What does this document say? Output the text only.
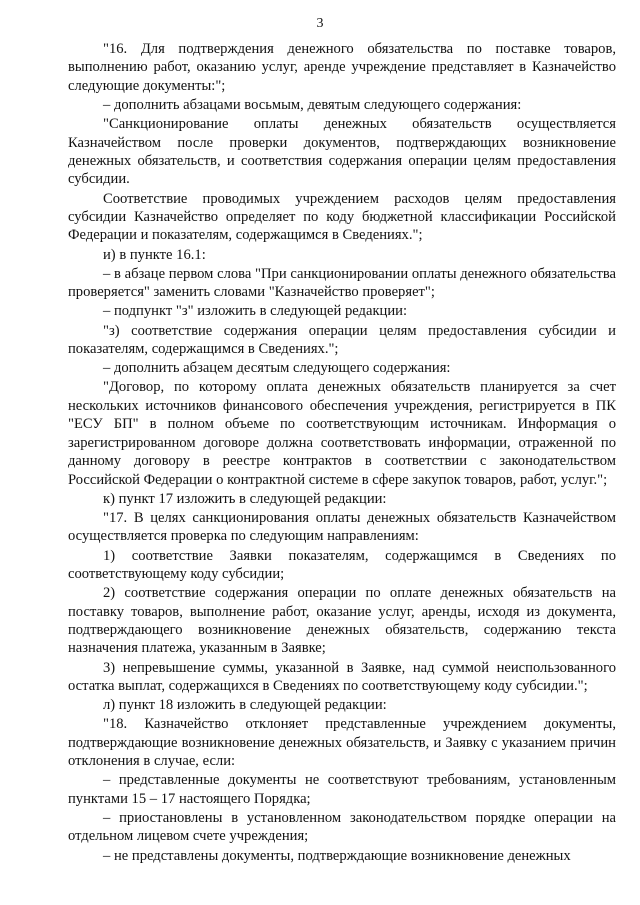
3

"16. Для подтверждения денежного обязательства по поставке товаров, выполнению работ, оказанию услуг, аренде учреждение представляет в Казначейство следующие документы:";

– дополнить абзацами восьмым, девятым следующего содержания:

"Санкционирование оплаты денежных обязательств осуществляется Казначейством после проверки документов, подтверждающих возникновение денежных обязательств, и соответствия содержания операции целям предоставления субсидии.

Соответствие проводимых учреждением расходов целям предоставления субсидии Казначейство определяет по коду бюджетной классификации Российской Федерации и показателям, содержащимся в Сведениях.";

и) в пункте 16.1:

– в абзаце первом слова "При санкционировании оплаты денежного обязательства проверяется" заменить словами "Казначейство проверяет";

– подпункт "з" изложить в следующей редакции:

"з) соответствие содержания операции целям предоставления субсидии и показателям, содержащимся в Сведениях.";

– дополнить абзацем десятым следующего содержания:

"Договор, по которому оплата денежных обязательств планируется за счет нескольких источников финансового обеспечения учреждения, регистрируется в ПК "ЕСУ БП" в полном объеме по соответствующим источникам. Информация о зарегистрированном договоре должна соответствовать информации, отраженной по данному договору в реестре контрактов в соответствии с законодательством Российской Федерации о контрактной системе в сфере закупок товаров, работ, услуг.";

к) пункт 17 изложить в следующей редакции:

"17. В целях санкционирования оплаты денежных обязательств Казначейством осуществляется проверка по следующим направлениям:

1) соответствие Заявки показателям, содержащимся в Сведениях по соответствующему коду субсидии;

2) соответствие содержания операции по оплате денежных обязательств на поставку товаров, выполнение работ, оказание услуг, аренды, исходя из документа, подтверждающего возникновение денежных обязательств, содержанию текста назначения платежа, указанным в Заявке;

3) непревышение суммы, указанной в Заявке, над суммой неиспользованного остатка выплат, содержащихся в Сведениях по соответствующему коду субсидии.";

л) пункт 18 изложить в следующей редакции:

"18. Казначейство отклоняет представленные учреждением документы, подтверждающие возникновение денежных обязательств, и Заявку с указанием причин отклонения в случае, если:

– представленные документы не соответствуют требованиям, установленным пунктами 15 – 17 настоящего Порядка;

– приостановлены в установленном законодательством порядке операции на отдельном лицевом счете учреждения;

– не представлены документы, подтверждающие возникновение денежных
